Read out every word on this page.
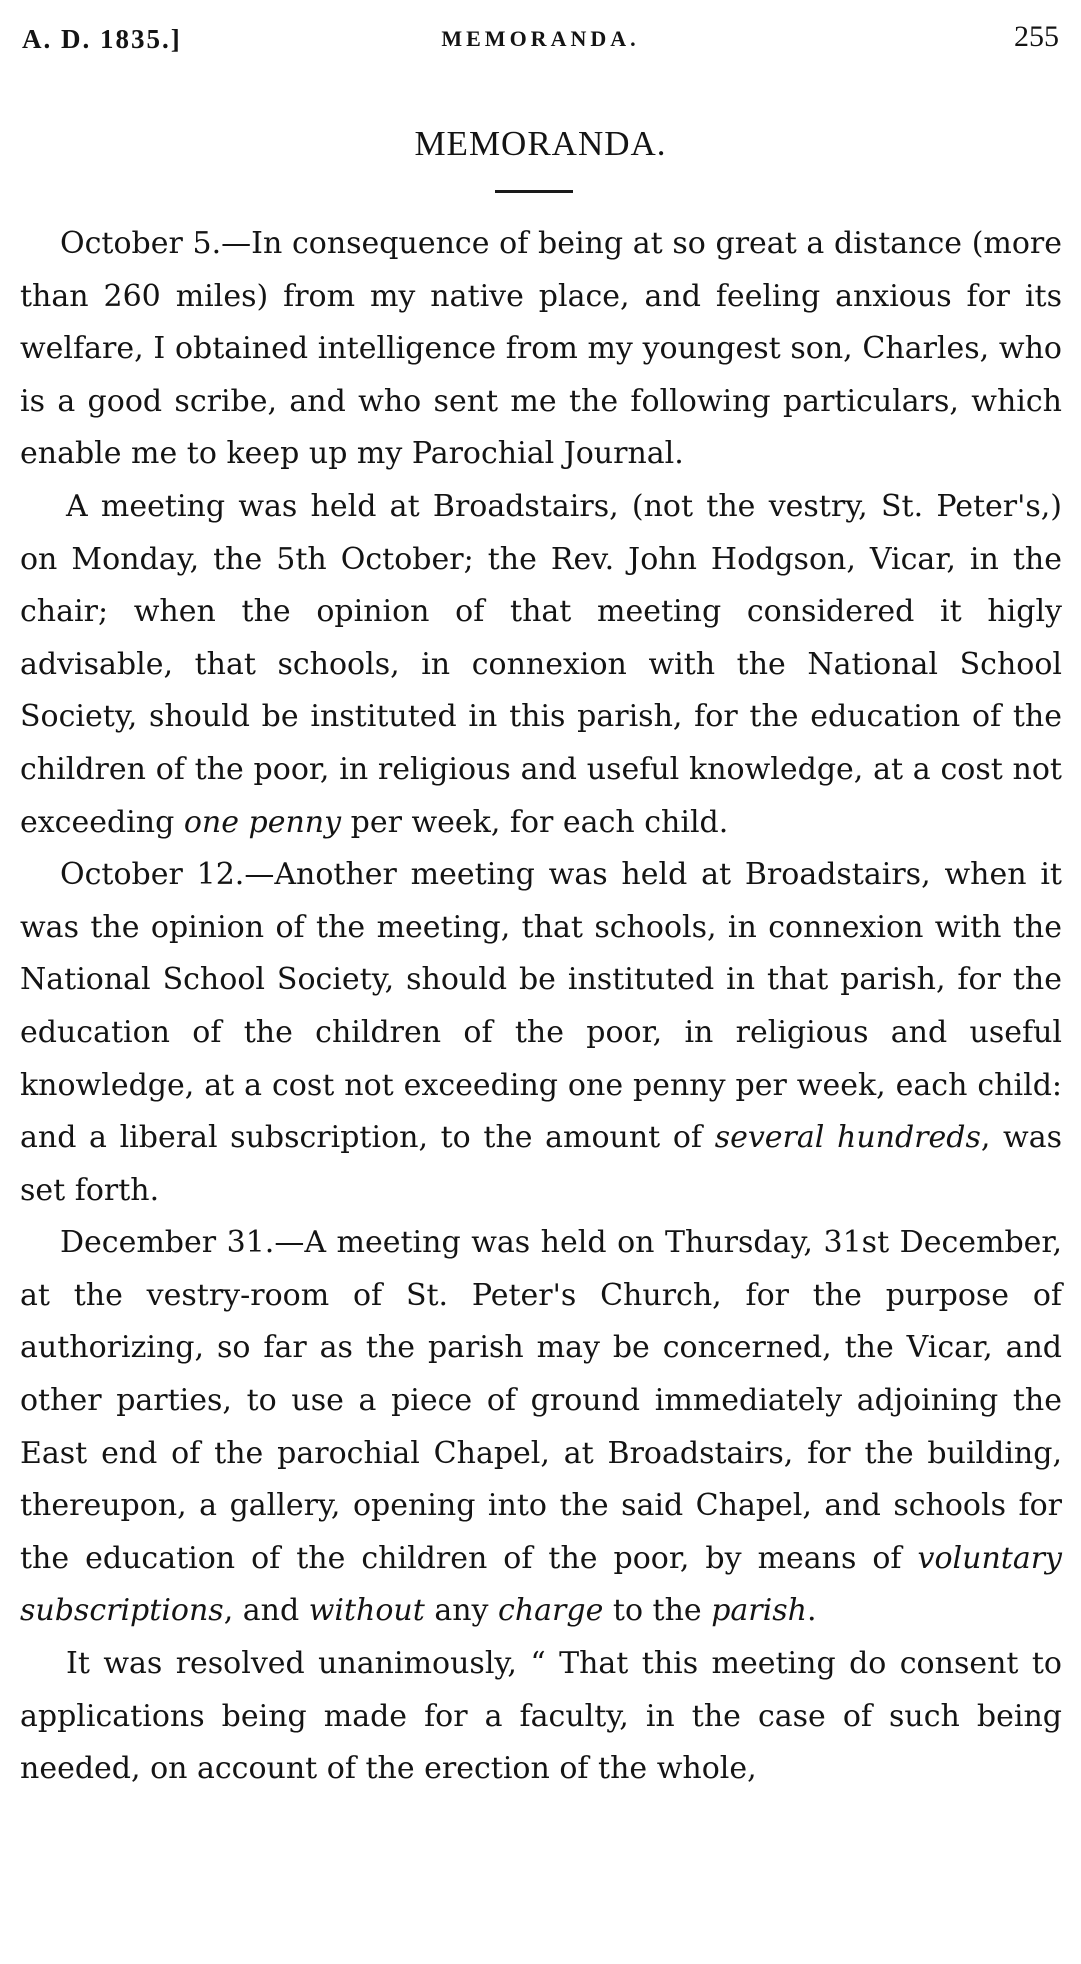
A. D. 1835.]	MEMORANDA.	255
MEMORANDA.

October 5.—In consequence of being at so great a distance (more than 260 miles) from my native place, and feeling anxious for its welfare, I obtained intelligence from my youngest son, Charles, who is a good scribe, and who sent me the following particulars, which enable me to keep up my Parochial Journal.

A meeting was held at Broadstairs, (not the vestry, St. Peter's,) on Monday, the 5th October; the Rev. John Hodgson, Vicar, in the chair; when the opinion of that meeting considered it higly advisable, that schools, in connexion with the National School Society, should be instituted in this parish, for the education of the children of the poor, in religious and useful knowledge, at a cost not exceeding one penny per week, for each child.

October 12.—Another meeting was held at Broadstairs, when it was the opinion of the meeting, that schools, in connexion with the National School Society, should be instituted in that parish, for the education of the children of the poor, in religious and useful knowledge, at a cost not exceeding one penny per week, each child: and a liberal subscription, to the amount of several hundreds, was set forth.

December 31.—A meeting was held on Thursday, 31st December, at the vestry-room of St. Peter's Church, for the purpose of authorizing, so far as the parish may be concerned, the Vicar, and other parties, to use a piece of ground immediately adjoining the East end of the parochial Chapel, at Broadstairs, for the building, thereupon, a gallery, opening into the said Chapel, and schools for the education of the children of the poor, by means of voluntary subscriptions, and without any charge to the parish.

It was resolved unanimously, “ That this meeting do consent to applications being made for a faculty, in the case of such being needed, on account of the erection of the whole,
